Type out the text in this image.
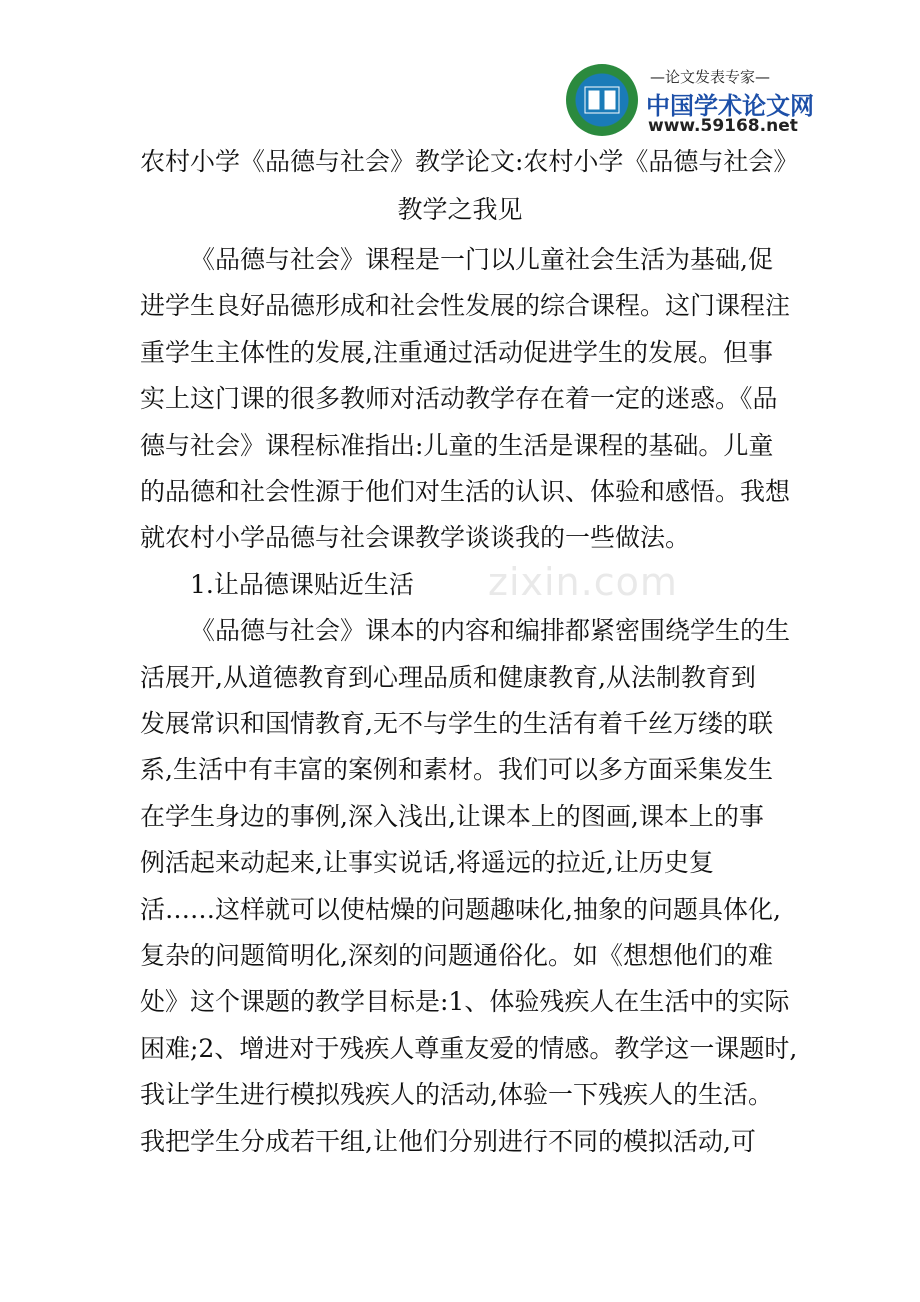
—论文发表专家—
中国学术论文网
www.59168.net
zixin.com
农村小学《品德与社会》教学论文:农村小学《品德与社会》
教学之我见
《品德与社会》课程是一门以儿童社会生活为基础,促
进学生良好品德形成和社会性发展的综合课程。这门课程注
重学生主体性的发展,注重通过活动促进学生的发展。但事
实上这门课的很多教师对活动教学存在着一定的迷惑。《品
德与社会》课程标准指出:儿童的生活是课程的基础。儿童
的品德和社会性源于他们对生活的认识、体验和感悟。我想
就农村小学品德与社会课教学谈谈我的一些做法。
1.让品德课贴近生活
《品德与社会》课本的内容和编排都紧密围绕学生的生
活展开,从道德教育到心理品质和健康教育,从法制教育到
发展常识和国情教育,无不与学生的生活有着千丝万缕的联
系,生活中有丰富的案例和素材。我们可以多方面采集发生
在学生身边的事例,深入浅出,让课本上的图画,课本上的事
例活起来动起来,让事实说话,将遥远的拉近,让历史复
活……这样就可以使枯燥的问题趣味化,抽象的问题具体化,
复杂的问题简明化,深刻的问题通俗化。如《想想他们的难
处》这个课题的教学目标是:1、体验残疾人在生活中的实际
困难;2、增进对于残疾人尊重友爱的情感。教学这一课题时,
我让学生进行模拟残疾人的活动,体验一下残疾人的生活。
我把学生分成若干组,让他们分别进行不同的模拟活动,可
